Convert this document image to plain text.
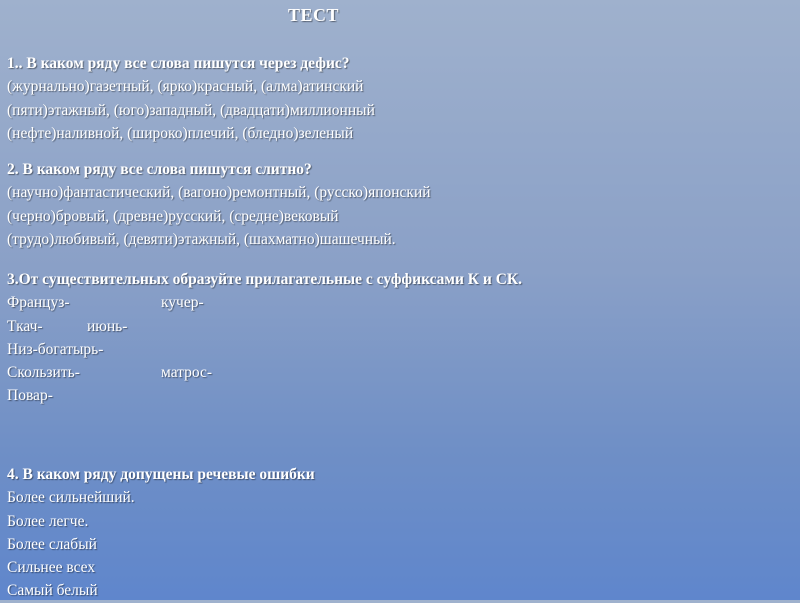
ТЕСТ
1.. В каком ряду все слова пишутся через дефис?
(журнально)газетный, (ярко)красный, (алма)атинский
(пяти)этажный, (юго)западный, (двадцати)миллионный
(нефте)наливной, (широко)плечий, (бледно)зеленый
2. В каком ряду все слова пишутся слитно?
(научно)фантастический, (вагоно)ремонтный, (русско)японский
(черно)бровый, (древне)русский, (средне)вековый
(трудо)любивый, (девяти)этажный, (шахматно)шашечный.
3.От существительных образуйте прилагательные с суффиксами К и СК.
Француз-	кучер-
Ткач-	июнь-
Низ-богатырь-
Скользить-	матрос-
Повар-
4. В каком ряду допущены речевые ошибки
Более сильнейший.
Более легче.
Более слабый
Сильнее всех
Самый белый
